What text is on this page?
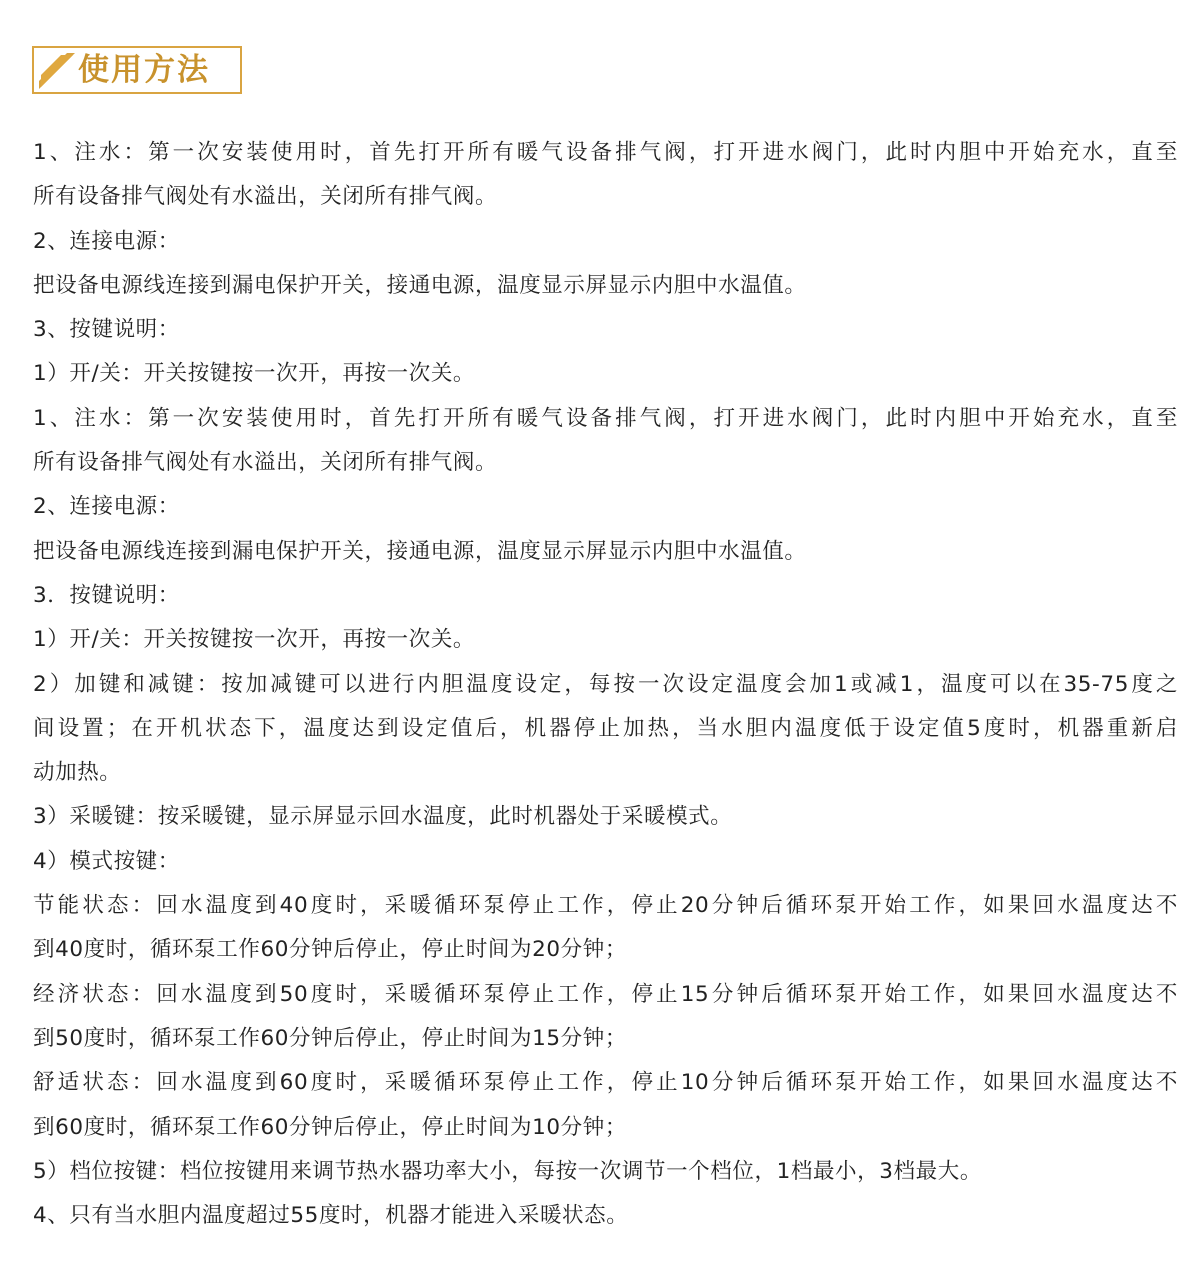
使用方法
1、注水：第一次安装使用时，首先打开所有暖气设备排气阀，打开进水阀门，此时内胆中开始充水，直至
所有设备排气阀处有水溢出，关闭所有排气阀。
2、连接电源：
把设备电源线连接到漏电保护开关，接通电源，温度显示屏显示内胆中水温值。
3、按键说明：
1）开/关：开关按键按一次开，再按一次关。
1、注水：第一次安装使用时，首先打开所有暖气设备排气阀，打开进水阀门，此时内胆中开始充水，直至
所有设备排气阀处有水溢出，关闭所有排气阀。
2、连接电源：
把设备电源线连接到漏电保护开关，接通电源，温度显示屏显示内胆中水温值。
3．按键说明：
1）开/关：开关按键按一次开，再按一次关。
2）加键和减键：按加减键可以进行内胆温度设定，每按一次设定温度会加1或减1，温度可以在35-75度之
间设置；在开机状态下，温度达到设定值后，机器停止加热，当水胆内温度低于设定值5度时，机器重新启
动加热。
3）采暖键：按采暖键，显示屏显示回水温度，此时机器处于采暖模式。
4）模式按键：
节能状态：回水温度到40度时，采暖循环泵停止工作，停止20分钟后循环泵开始工作，如果回水温度达不
到40度时，循环泵工作60分钟后停止，停止时间为20分钟；
经济状态：回水温度到50度时，采暖循环泵停止工作，停止15分钟后循环泵开始工作，如果回水温度达不
到50度时，循环泵工作60分钟后停止，停止时间为15分钟；
舒适状态：回水温度到60度时，采暖循环泵停止工作，停止10分钟后循环泵开始工作，如果回水温度达不
到60度时，循环泵工作60分钟后停止，停止时间为10分钟；
5）档位按键：档位按键用来调节热水器功率大小，每按一次调节一个档位，1档最小，3档最大。
4、只有当水胆内温度超过55度时，机器才能进入采暖状态。
